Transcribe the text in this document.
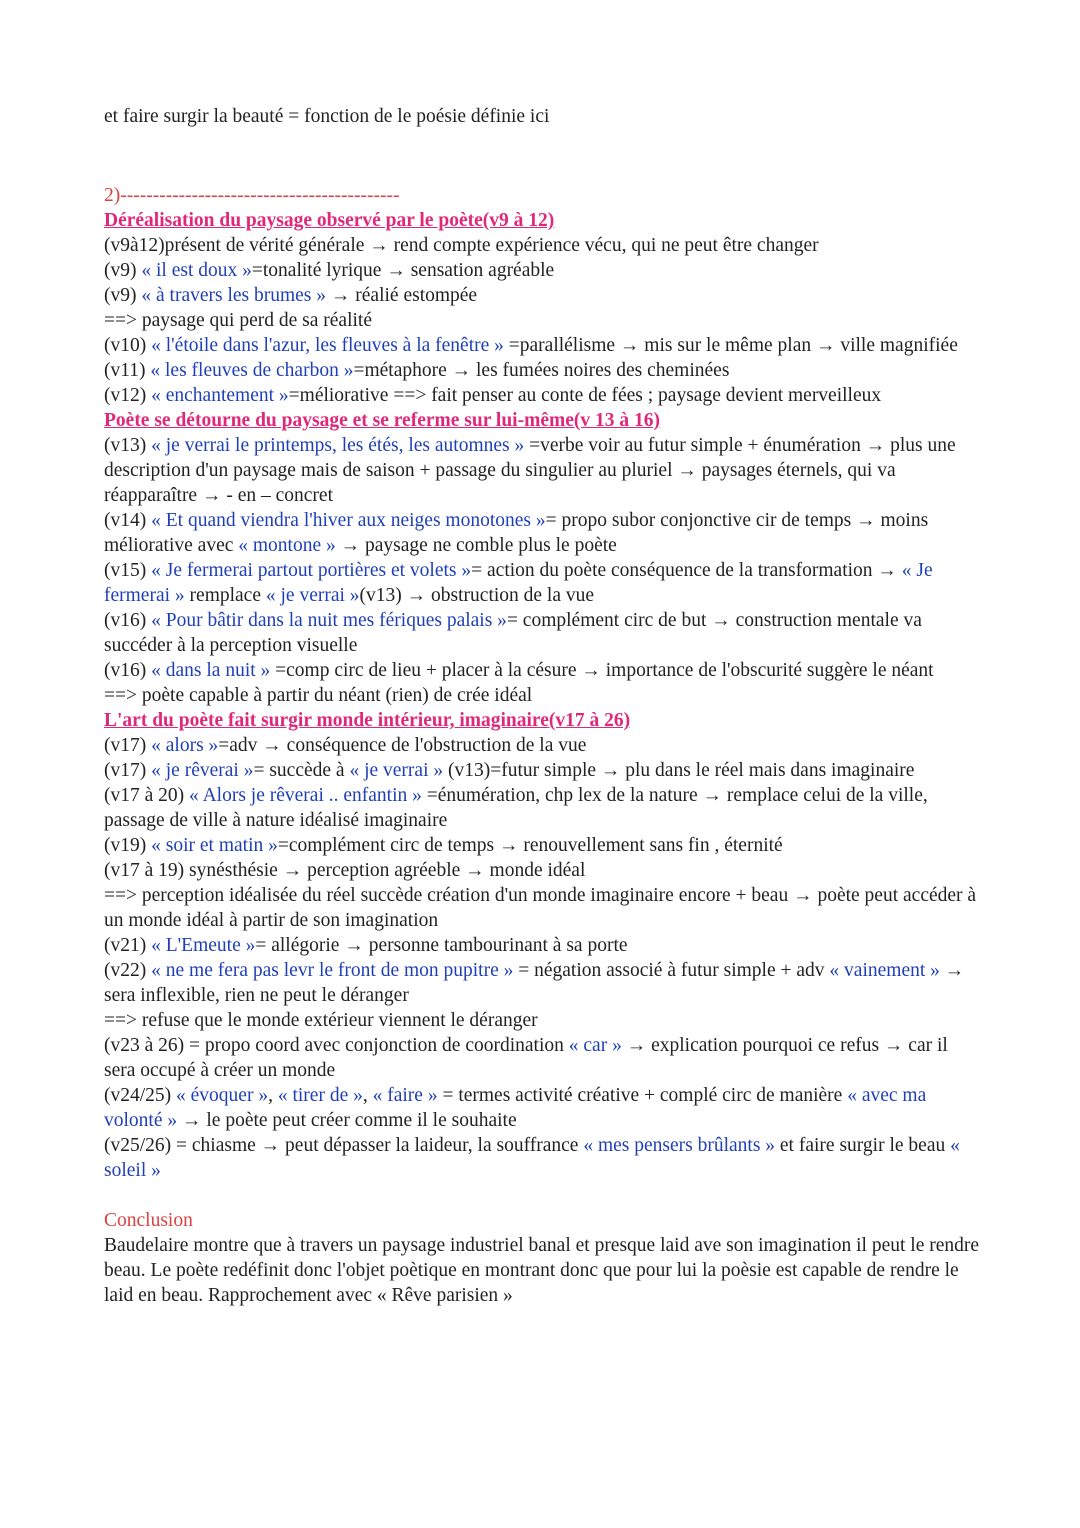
et faire surgir la beauté = fonction de le poésie définie ici
2)-------------------------------------------
Déréalisation du paysage observé par le poète(v9 à 12)
(v9à12)présent de vérité générale → rend compte expérience vécu, qui ne peut être changer
(v9) « il est doux »=tonalité lyrique → sensation agréable
(v9) « à travers les brumes » → réalié estompée
==> paysage qui perd de sa réalité
(v10) « l'étoile dans l'azur, les fleuves à la fenêtre » =parallélisme → mis sur le même plan → ville magnifiée
(v11) « les fleuves de charbon »=métaphore → les fumées noires des cheminées
(v12) « enchantement »=méliorative ==> fait penser au conte de fées ; paysage devient merveilleux
Poète se détourne du paysage et se referme sur lui-même(v 13 à 16)
(v13) « je verrai le printemps, les étés, les automnes » =verbe voir au futur simple + énumération → plus une description d'un paysage mais de saison + passage du singulier au pluriel → paysages éternels, qui va réapparaître → - en – concret
(v14) « Et quand viendra l'hiver aux neiges monotones »= propo subor conjonctive cir de temps → moins méliorative avec « montone » → paysage ne comble plus le poète
(v15) « Je fermerai partout portières et volets »= action du poète conséquence de la transformation → « Je fermerai » remplace « je verrai »(v13) → obstruction de la vue
(v16) « Pour bâtir dans la nuit mes fériques palais »= complément circ de but → construction mentale va succéder à la perception visuelle
(v16) « dans la nuit » =comp circ de lieu + placer à la césure → importance de l'obscurité suggère le néant
==> poète capable à partir du néant (rien) de crée idéal
L'art du poète fait surgir monde intérieur, imaginaire(v17 à 26)
(v17) « alors »=adv → conséquence de l'obstruction de la vue
(v17) « je rêverai »= succède à « je verrai » (v13)=futur simple → plu dans le réel mais dans imaginaire
(v17 à 20) « Alors je rêverai .. enfantin » =énumération, chp lex de la nature → remplace celui de la ville, passage de ville à nature idéalisé imaginaire
(v19) « soir et matin »=complément circ de temps → renouvellement sans fin , éternité
(v17 à 19) synésthésie → perception agréeble → monde idéal
==> perception idéalisée du réel succède création d'un monde imaginaire encore + beau → poète peut accéder à un monde idéal à partir de son imagination
(v21) « L'Emeute »= allégorie → personne tambourinant à sa porte
(v22) « ne me fera pas levr le front de mon pupitre » = négation associé à futur simple + adv « vainement » → sera inflexible, rien ne peut le déranger
==> refuse que le monde extérieur viennent le déranger
(v23 à 26) = propo coord avec conjonction de coordination « car » → explication pourquoi ce refus → car il sera occupé à créer un monde
(v24/25) « évoquer », « tirer de », « faire » = termes activité créative + complé circ de manière « avec ma volonté » → le poète peut créer comme il le souhaite
(v25/26) = chiasme → peut dépasser la laideur, la souffrance « mes pensers brûlants » et faire surgir le beau « soleil »
Conclusion
Baudelaire montre que à travers un paysage industriel banal et presque laid ave son imagination il peut le rendre beau. Le poète redéfinit donc l'objet poètique en montrant donc que pour lui la poèsie est capable de rendre le laid en beau. Rapprochement avec « Rêve parisien »
